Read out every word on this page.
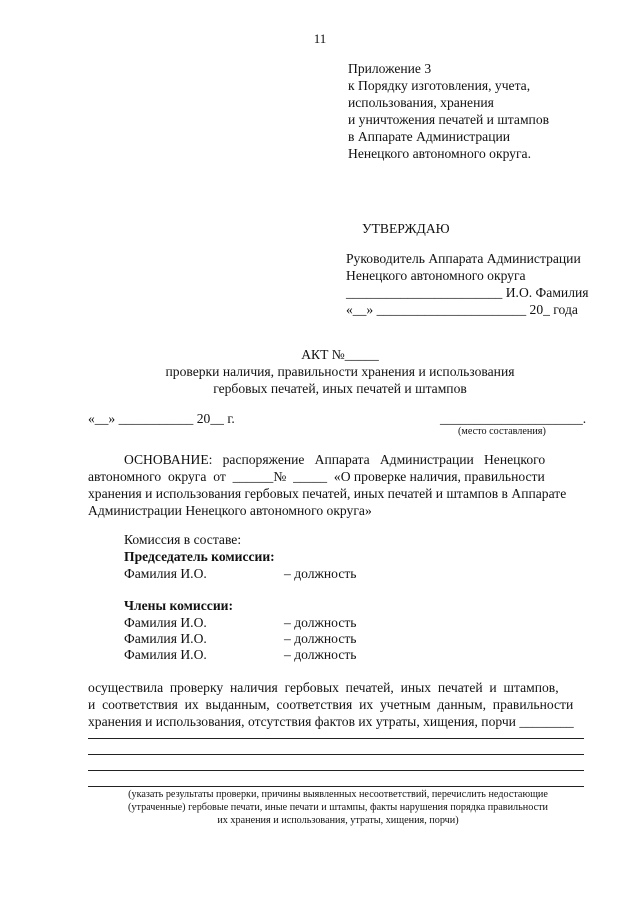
11
Приложение 3
к Порядку изготовления, учета,
использования, хранения
и уничтожения печатей и штампов
в Аппарате Администрации
Ненецкого автономного округа.
УТВЕРЖДАЮ
Руководитель Аппарата Администрации
Ненецкого автономного округа
_______________________ И.О. Фамилия
«__» ______________________ 20_ года
АКТ №_____
проверки наличия, правильности хранения и использования
гербовых печатей, иных печатей и штампов
«__» ___________ 20__ г.	_____________________.
(место составления)
ОСНОВАНИЕ:   распоряжение   Аппарата   Администрации   Ненецкого
автономного  округа  от  ______№  _____  «О проверке наличия, правильности
хранения и использования гербовых печатей, иных печатей и штампов в Аппарате
Администрации Ненецкого автономного округа»
Комиссия в составе:
Председатель комиссии:
Фамилия И.О.	– должность
Члены комиссии:
Фамилия И.О.	– должность
Фамилия И.О.	– должность
Фамилия И.О.	– должность
осуществила  проверку  наличия  гербовых  печатей,  иных  печатей  и  штампов,
и  соответствия  их  выданным,  соответствия  их  учетным  данным,  правильности
хранения и использования, отсутствия фактов их утраты, хищения, порчи ________
(указать результаты проверки, причины выявленных несоответствий, перечислить недостающие
(утраченные) гербовые печати, иные печати и штампы, факты нарушения порядка правильности
их хранения и использования, утраты, хищения, порчи)
